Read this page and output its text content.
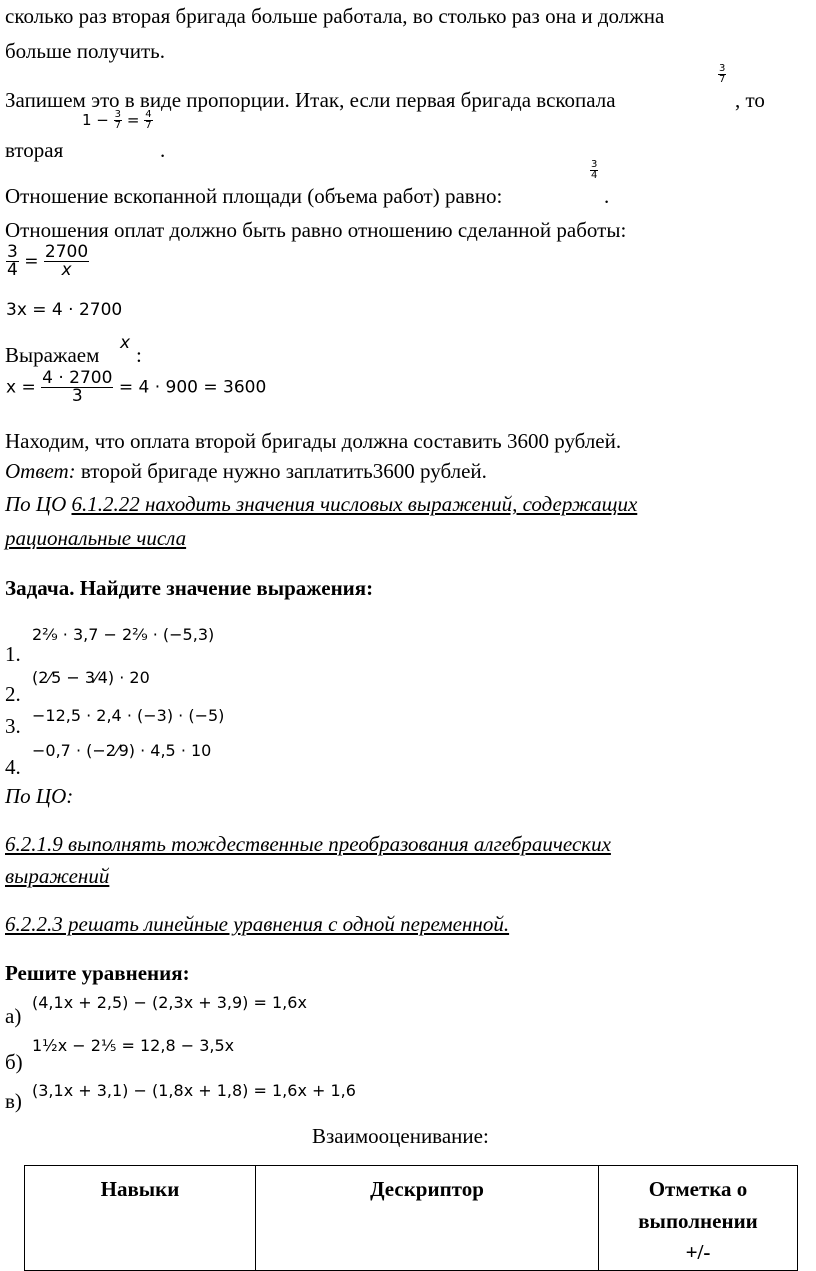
сколько раз вторая бригада больше работала, во столько раз она и должна
больше получить.
Запишем это в виде пропорции. Итак, если первая бригада вскопала
$\frac{3}{7}$
, то
вторая
$1 - \frac{3}{7} = \frac{4}{7}$
.
Отношение вскопанной площади (объема работ) равно:
$\frac{3}{4}$
.
Отношения оплат должно быть равно отношению сделанной работы:
$\frac{3}{4} = \frac{2700}{x}$
3x = 4 · 2700
Выражаем x :
$x = \frac{4 \cdot 2700}{3} = 4 \cdot 900 = 3600$
Находим, что оплата второй бригады должна составить 3600 рублей.
Ответ: второй бригаде нужно заплатить3600 рублей.
По ЦО 6.1.2.22 находить значения числовых выражений, содержащих
рациональные числа
Задача. Найдите значение выражения:
1.
2²⁄₉ · 3,7 − 2²⁄₉ · (−5,3)
2.
(2⁄5 − 3⁄4) · 20
3. −12,5 · 2,4 · (−3) · (−5)
4.
−0,7 · (−2⁄9) · 4,5 · 10
По ЦО:
6.2.1.9 выполнять тождественные преобразования алгебраических
выражений
6.2.2.3 решать линейные уравнения с одной переменной.
Решите уравнения:
а)
(4,1x + 2,5) − (2,3x + 3,9) = 1,6x
б)
1½x − 2⅕ = 12,8 − 3,5x
в) (3,1x + 3,1) − (1,8x + 1,8) = 1,6x + 1,6
Взаимооценивание:
Навыки	Дескриптор	Отметка о выполнении +/-
